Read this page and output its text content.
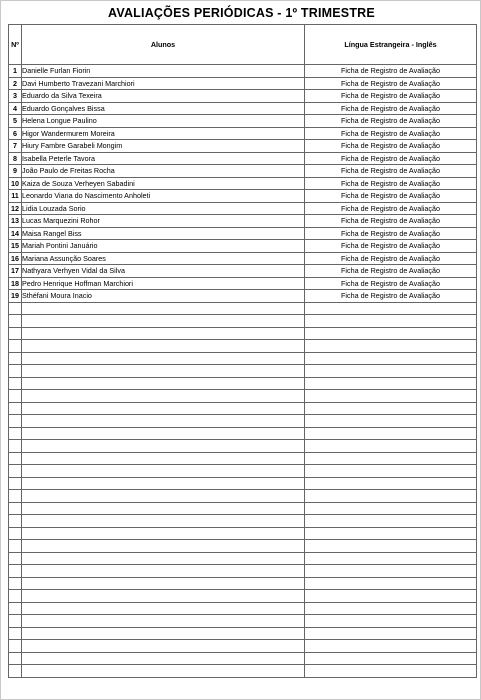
AVALIAÇÕES PERIÓDICAS - 1º TRIMESTRE
Nº	Alunos	Língua Estrangeira - Inglês
1	Danielle Furlan Fiorin	Ficha de Registro de Avaliação
2	Davi Humberto Travezani Marchiori	Ficha de Registro de Avaliação
3	Eduardo da Silva Texeira	Ficha de Registro de Avaliação
4	Eduardo Gonçalves Bissa	Ficha de Registro de Avaliação
5	Helena Longue Paulino	Ficha de Registro de Avaliação
6	Higor Wandermurem Moreira	Ficha de Registro de Avaliação
7	Hiury Fambre Garabeli Mongim	Ficha de Registro de Avaliação
8	Isabella Peterle Tavora	Ficha de Registro de Avaliação
9	João Paulo de Freitas Rocha	Ficha de Registro de Avaliação
10	Kaiza de Souza Verheyen Sabadini	Ficha de Registro de Avaliação
11	Leonardo Viana do Nascimento Anholeti	Ficha de Registro de Avaliação
12	Lidia Louzada Sorio	Ficha de Registro de Avaliação
13	Lucas Marquezini Rohor	Ficha de Registro de Avaliação
14	Maisa Rangel Biss	Ficha de Registro de Avaliação
15	Mariah Pontini Januário	Ficha de Registro de Avaliação
16	Mariana Assunção Soares	Ficha de Registro de Avaliação
17	Nathyara Verhyen Vidal da Silva	Ficha de Registro de Avaliação
18	Pedro Henrique Hoffman Marchiori	Ficha de Registro de Avaliação
19	Sthéfani Moura Inacio	Ficha de Registro de Avaliação
